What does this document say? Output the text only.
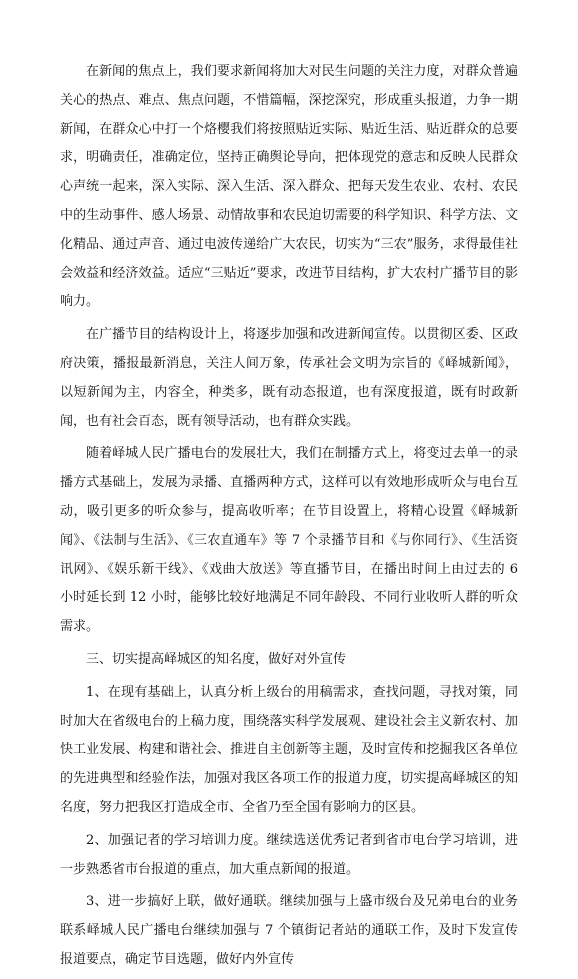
在新闻的焦点上，我们要求新闻将加大对民生问题的关注力度，对群众普遍关心的热点、难点、焦点问题，不惜篇幅，深挖深究，形成重头报道，力争一期新闻，在群众心中打一个烙樱我们将按照贴近实际、贴近生活、贴近群众的总要求，明确责任，准确定位，坚持正确舆论导向，把体现党的意志和反映人民群众心声统一起来，深入实际、深入生活、深入群众、把每天发生农业、农村、农民中的生动事件、感人场景、动情故事和农民迫切需要的科学知识、科学方法、文化精品、通过声音、通过电波传递给广大农民，切实为“三农”服务，求得最佳社会效益和经济效益。适应“三贴近”要求，改进节目结构，扩大农村广播节目的影响力。

在广播节目的结构设计上，将逐步加强和改进新闻宣传。以贯彻区委、区政府决策，播报最新消息，关注人间万象，传承社会文明为宗旨的《峄城新闻》，以短新闻为主，内容全，种类多，既有动态报道，也有深度报道，既有时政新闻，也有社会百态，既有领导活动，也有群众实践。

随着峄城人民广播电台的发展壮大，我们在制播方式上，将变过去单一的录播方式基础上，发展为录播、直播两种方式，这样可以有效地形成听众与电台互动，吸引更多的听众参与，提高收听率；在节目设置上，将精心设置《峄城新闻》、《法制与生活》、《三农直通车》等 7 个录播节目和《与你同行》、《生活资讯网》、《娱乐新干线》、《戏曲大放送》等直播节目，在播出时间上由过去的 6 小时延长到 12 小时，能够比较好地满足不同年龄段、不同行业收听人群的听众需求。

三、切实提高峄城区的知名度，做好对外宣传

1、在现有基础上，认真分析上级台的用稿需求，查找问题，寻找对策，同时加大在省级电台的上稿力度，围绕落实科学发展观、建设社会主义新农村、加快工业发展、构建和谐社会、推进自主创新等主题，及时宣传和挖掘我区各单位的先进典型和经验作法，加强对我区各项工作的报道力度，切实提高峄城区的知名度，努力把我区打造成全市、全省乃至全国有影响力的区县。

2、加强记者的学习培训力度。继续选送优秀记者到省市电台学习培训，进一步熟悉省市台报道的重点，加大重点新闻的报道。

3、进一步搞好上联，做好通联。继续加强与上盛市级台及兄弟电台的业务联系峄城人民广播电台继续加强与 7 个镇街记者站的通联工作，及时下发宣传报道要点，确定节目选题，做好内外宣传
